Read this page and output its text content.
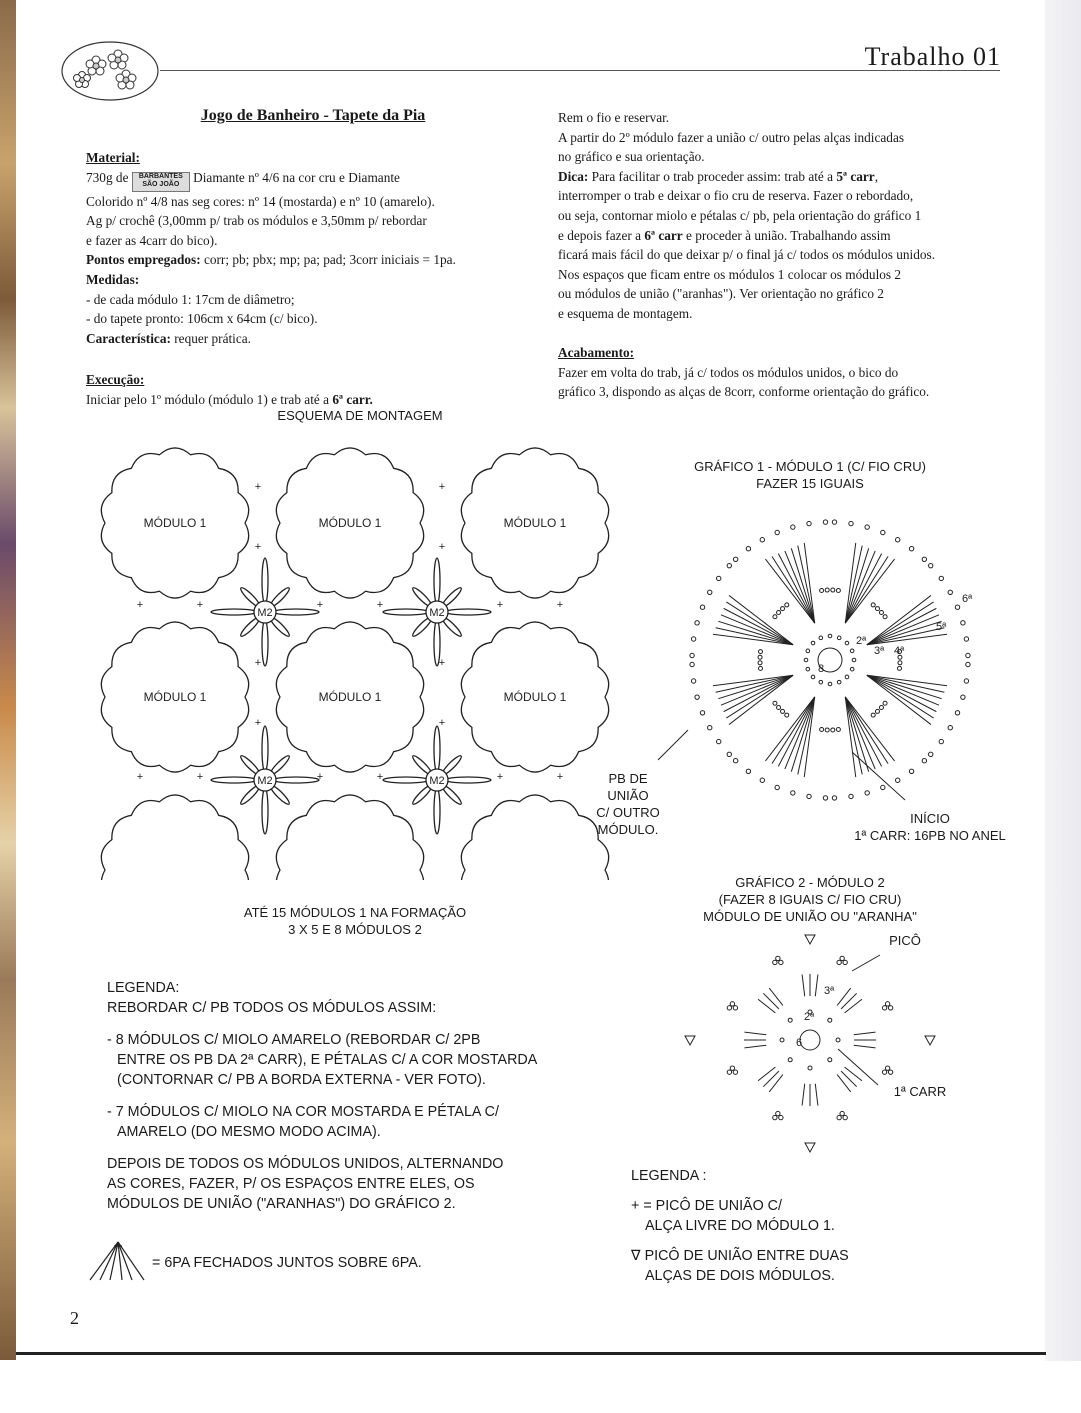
Trabalho 01
Jogo de Banheiro - Tapete da Pia

Material:

730g de BARBANTES
SÃO JOÃO Diamante nº 4/6 na cor cru e Diamante

Colorido nº 4/8 nas seg cores: nº 14 (mostarda) e nº 10 (amarelo).

Ag p/ crochê (3,00mm p/ trab os módulos e 3,50mm p/ rebordar

e fazer as 4carr do bico).

Pontos empregados: corr; pb; pbx; mp; pa; pad; 3corr iniciais = 1pa.

Medidas:

- de cada módulo 1: 17cm de diâmetro;

- do tapete pronto: 106cm x 64cm (c/ bico).

Característica: requer prática.

Execução:

Iniciar pelo 1º módulo (módulo 1) e trab até a 6ª carr.

Rem o fio e reservar.

A partir do 2º módulo fazer a união c/ outro pelas alças indicadas

no gráfico e sua orientação.

Dica: Para facilitar o trab proceder assim: trab até a 5ª carr,

interromper o trab e deixar o fio cru de reserva. Fazer o rebordado,

ou seja, contornar miolo e pétalas c/ pb, pela orientação do gráfico 1

e depois fazer a 6ª carr e proceder à união. Trabalhando assim

ficará mais fácil do que deixar p/ o final já c/ todos os módulos unidos.

Nos espaços que ficam entre os módulos 1 colocar os módulos 2

ou módulos de união ("aranhas"). Ver orientação no gráfico 2

e esquema de montagem.

Acabamento:

Fazer em volta do trab, já c/ todos os módulos unidos, o bico do

gráfico 3, dispondo as alças de 8corr, conforme orientação do gráfico.

ESQUEMA DE MONTAGEM
MÓDULO 1	MÓDULO 1	MÓDULO 1
MÓDULO 1	MÓDULO 1	MÓDULO 1
M2	M2
M2	M2
+
+
+
+
+	+	+	+	+	+
+
+
+
+
+	+	+	+	+	+
ATÉ 15 MÓDULOS 1 NA FORMAÇÃO
3 X 5 E 8 MÓDULOS 2
GRÁFICO 1 - MÓDULO 1 (C/ FIO CRU)
FAZER 15 IGUAIS
8
2ª
3ª 4ª
5ª
6ª
PB DE UNIÃO
C/ OUTRO
MÓDULO.
INÍCIO
1ª CARR: 16PB NO ANEL
GRÁFICO 2 - MÓDULO 2
(FAZER 8 IGUAIS C/ FIO CRU)
MÓDULO DE UNIÃO OU "ARANHA"
6
2ª
3ª
PICÔ
1ª CARR

LEGENDA:

REBORDAR C/ PB TODOS OS MÓDULOS ASSIM:

- 8 MÓDULOS C/ MIOLO AMARELO (REBORDAR C/ 2PB

ENTRE OS PB DA 2ª CARR), E PÉTALAS C/ A COR MOSTARDA

(CONTORNAR C/ PB A BORDA EXTERNA - VER FOTO).

- 7 MÓDULOS C/ MIOLO NA COR MOSTARDA E PÉTALA C/

AMARELO (DO MESMO MODO ACIMA).

DEPOIS DE TODOS OS MÓDULOS UNIDOS, ALTERNANDO

AS CORES, FAZER, P/ OS ESPAÇOS ENTRE ELES, OS

MÓDULOS DE UNIÃO ("ARANHAS") DO GRÁFICO 2.

= 6PA FECHADOS JUNTOS SOBRE 6PA.

LEGENDA :

+ = PICÔ DE UNIÃO C/

ALÇA LIVRE DO MÓDULO 1.

∇ PICÔ DE UNIÃO ENTRE DUAS

ALÇAS DE DOIS MÓDULOS.

2
